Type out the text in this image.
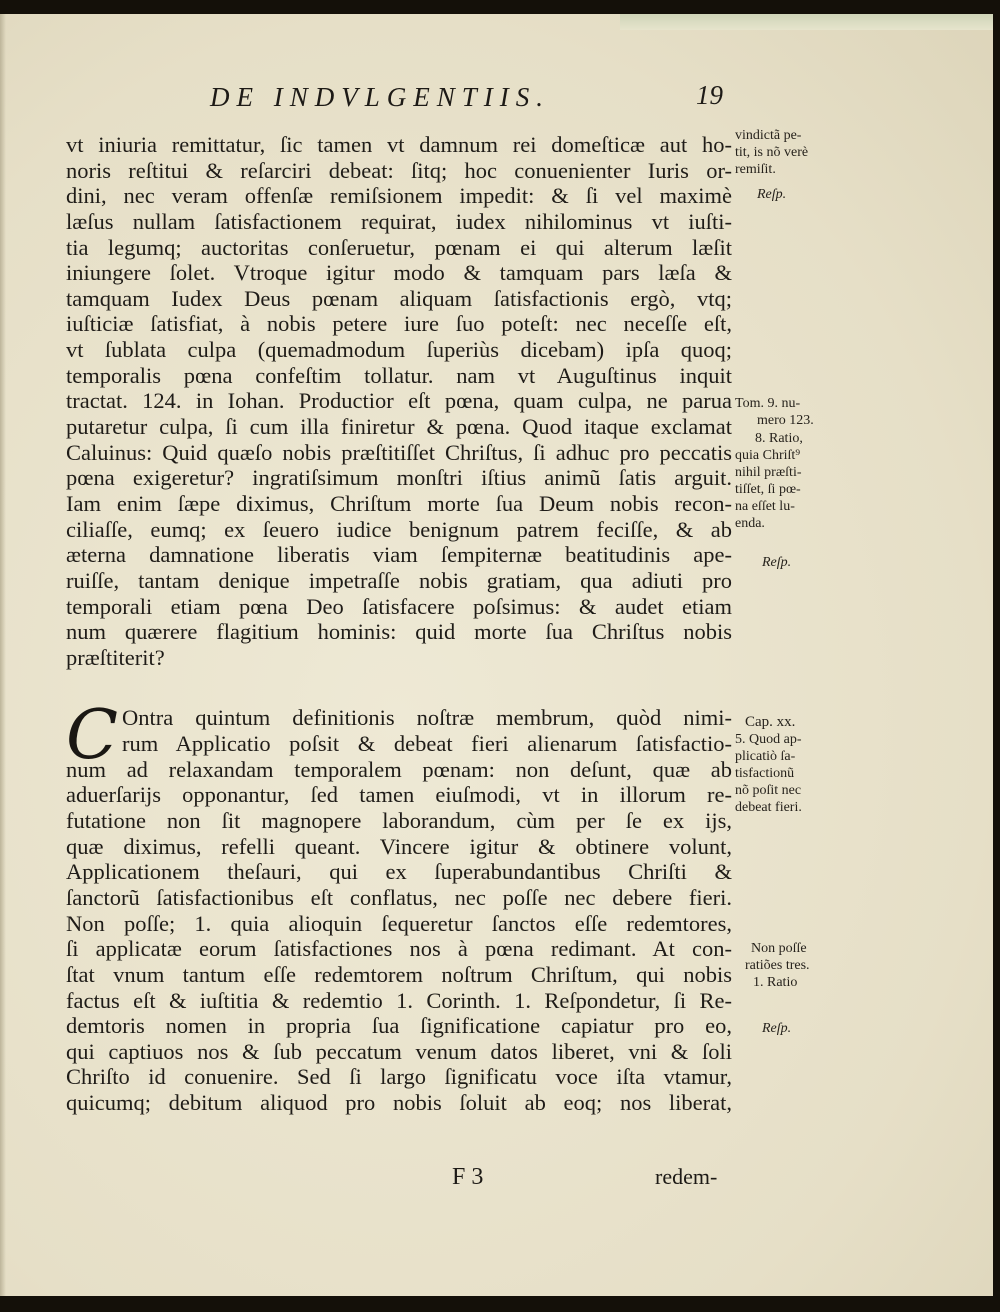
DE INDVLGENTIIS.	19
vt iniuria remittatur, ſic tamen vt damnum rei domeſticæ aut ho-
noris reſtitui & reſarciri debeat: ſitq; hoc conuenienter Iuris or-
dini, nec veram offenſæ remiſsionem impedit: & ſi vel maximè
læſus nullam ſatisfactionem requirat, iudex nihilominus vt iuſti-
tia legumq; auctoritas conſeruetur, pœnam ei qui alterum læſit
iniungere ſolet. Vtroque igitur modo & tamquam pars læſa &
tamquam Iudex Deus pœnam aliquam ſatisfactionis ergò, vtq;
iuſticiæ ſatisfiat, à nobis petere iure ſuo poteſt: nec neceſſe eſt,
vt ſublata culpa (quemadmodum ſuperiùs dicebam) ipſa quoq;
temporalis pœna confeſtim tollatur. nam vt Auguſtinus inquit
tractat. 124. in Iohan. Productior eſt pœna, quam culpa, ne parua
putaretur culpa, ſi cum illa finiretur & pœna. Quod itaque exclamat
Caluinus: Quid quæſo nobis præſtitiſſet Chriſtus, ſi adhuc pro peccatis
pœna exigeretur? ingratiſsimum monſtri iſtius animũ ſatis arguit.
Iam enim ſæpe diximus, Chriſtum morte ſua Deum nobis recon-
ciliaſſe, eumq; ex ſeuero iudice benignum patrem feciſſe, & ab
æterna damnatione liberatis viam ſempiternæ beatitudinis ape-
ruiſſe, tantam denique impetraſſe nobis gratiam, qua adiuti pro
temporali etiam pœna Deo ſatisfacere poſsimus: & audet etiam
num quærere flagitium hominis: quid morte ſua Chriſtus nobis
præſtiterit?
C Ontra quintum definitionis noſtræ membrum, quòd nimi-
rum Applicatio poſsit & debeat fieri alienarum ſatisfactio-
num ad relaxandam temporalem pœnam: non deſunt, quæ ab
aduerſarijs opponantur, ſed tamen eiuſmodi, vt in illorum re-
futatione non ſit magnopere laborandum, cùm per ſe ex ijs,
quæ diximus, refelli queant. Vincere igitur & obtinere volunt,
Applicationem theſauri, qui ex ſuperabundantibus Chriſti &
ſanctorũ ſatisfactionibus eſt conflatus, nec poſſe nec debere fieri.
Non poſſe; 1. quia alioquin ſequeretur ſanctos eſſe redemtores,
ſi applicatæ eorum ſatisfactiones nos à pœna redimant. At con-
ſtat vnum tantum eſſe redemtorem noſtrum Chriſtum, qui nobis
factus eſt & iuſtitia & redemtio 1. Corinth. 1. Reſpondetur, ſi Re-
demtoris nomen in propria ſua ſignificatione capiatur pro eo,
qui captiuos nos & ſub peccatum venum datos liberet, vni & ſoli
Chriſto id conuenire. Sed ſi largo ſignificatu voce iſta vtamur,
quicumq; debitum aliquod pro nobis ſoluit ab eoq; nos liberat,
vindictã pe-
tit, is nõ verè
remiſit.
Reſp.
Tom. 9. nu-
mero 123.
8. Ratio,
quia Chriſt⁹
nihil præſti-
tiſſet, ſi pœ-
na eſſet lu-
enda.
Reſp.
Cap. xx.
5. Quod ap-
plicatiò ſa-
tisfactionũ
nõ poſit nec
debeat fieri.
Non poſſe
ratiões tres.
1. Ratio
Reſp.
F 3	redem-
